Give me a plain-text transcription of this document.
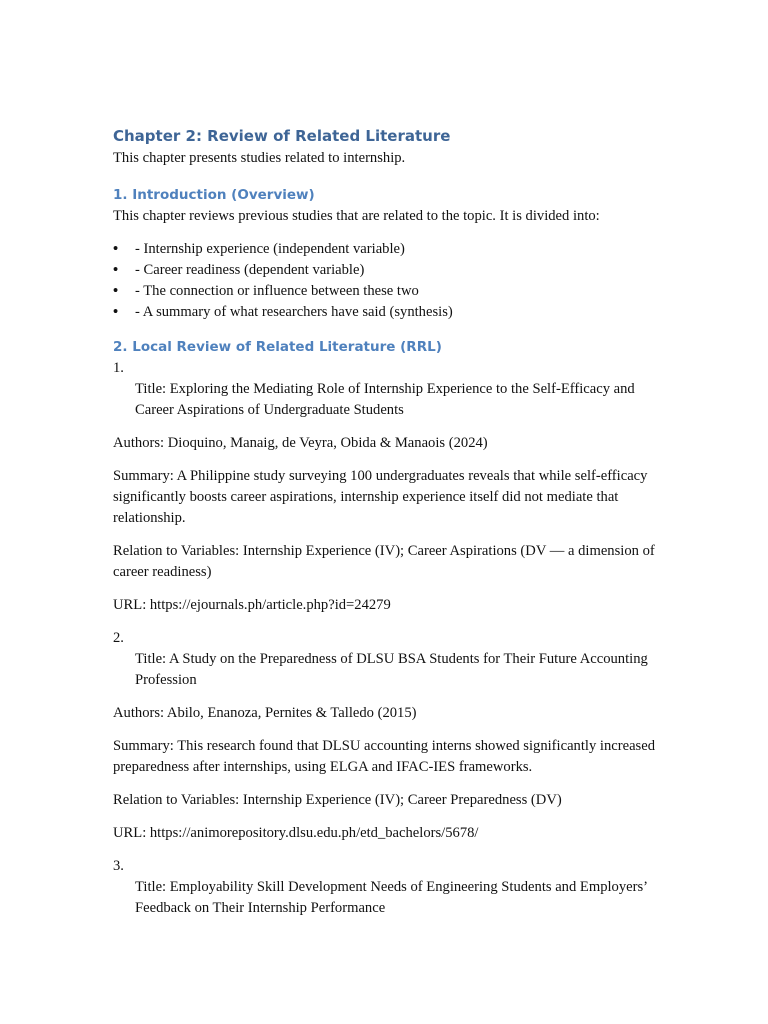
Chapter 2: Review of Related Literature

This chapter presents studies related to internship.

1. Introduction (Overview)

This chapter reviews previous studies that are related to the topic. It is divided into:

• - Internship experience (independent variable)
• - Career readiness (dependent variable)
• - The connection or influence between these two
• - A summary of what researchers have said (synthesis)
2. Local Review of Related Literature (RRL)

1.

Title: Exploring the Mediating Role of Internship Experience to the Self-Efficacy and Career Aspirations of Undergraduate Students

Authors: Dioquino, Manaig, de Veyra, Obida & Manaois (2024)

Summary: A Philippine study surveying 100 undergraduates reveals that while self-efficacy significantly boosts career aspirations, internship experience itself did not mediate that relationship.

Relation to Variables: Internship Experience (IV); Career Aspirations (DV — a dimension of career readiness)

URL: https://ejournals.ph/article.php?id=24279

2.

Title: A Study on the Preparedness of DLSU BSA Students for Their Future Accounting Profession

Authors: Abilo, Enanoza, Pernites & Talledo (2015)

Summary: This research found that DLSU accounting interns showed significantly increased preparedness after internships, using ELGA and IFAC-IES frameworks.

Relation to Variables: Internship Experience (IV); Career Preparedness (DV)

URL: https://animorepository.dlsu.edu.ph/etd_bachelors/5678/

3.

Title: Employability Skill Development Needs of Engineering Students and Employers’ Feedback on Their Internship Performance
